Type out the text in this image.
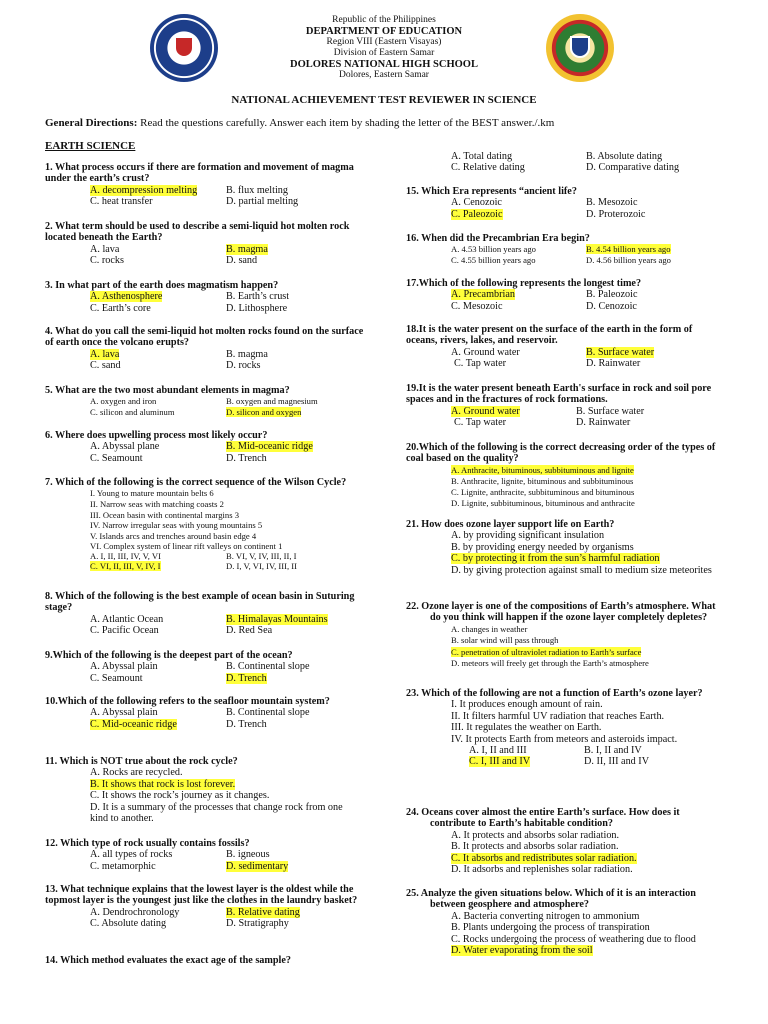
Republic of the Philippines
DEPARTMENT OF EDUCATION
Region VIII (Eastern Visayas)
Division of Eastern Samar
DOLORES NATIONAL HIGH SCHOOL
Dolores, Eastern Samar
NATIONAL ACHIEVEMENT TEST REVIEWER IN SCIENCE
General Directions: Read the questions carefully. Answer each item by shading the letter of the BEST answer./.km
EARTH SCIENCE
1. What process occurs if there are formation and movement of magma under the earth’s crust?
A. decompression melting	B. flux melting
C. heat transfer	D. partial melting
2. What term should be used to describe a semi-liquid hot molten rock located beneath the Earth?
A. lava	B. magma
C. rocks	D. sand
3. In what part of the earth does magmatism happen?
A. Asthenosphere	B. Earth’s crust
C. Earth’s core	D. Lithosphere
4. What do you call the semi-liquid hot molten rocks found on the surface of earth once the volcano erupts?
A. lava	B. magma
C. sand	D. rocks
5. What are the two most abundant elements in magma?
A. oxygen and iron	B. oxygen and magnesium
C. silicon and aluminum	D. silicon and oxygen
6. Where does upwelling process most likely occur?
A. Abyssal plane	B. Mid-oceanic ridge
C. Seamount	D. Trench
7. Which of the following is the correct sequence of the Wilson Cycle?
I. Young to mature mountain belts 6
II. Narrow seas with matching coasts 2
III. Ocean basin with continental margins 3
IV. Narrow irregular seas with young mountains 5
V. Islands arcs and trenches around basin edge 4
VI. Complex system of linear rift valleys on continent 1
A. I, II, III, IV, V, VI	B. VI, V, IV, III, II, I
C. VI, II, III, V, IV, I	D. I, V, VI, IV, III, II
8. Which of the following is the best example of ocean basin in Suturing stage?
A. Atlantic Ocean	B. Himalayas Mountains
C. Pacific Ocean	D. Red Sea
9.Which of the following is the deepest part of the ocean?
A. Abyssal plain	B. Continental slope
C. Seamount	D. Trench
10.Which of the following refers to the seafloor mountain system?
A. Abyssal plain	B. Continental slope
C. Mid-oceanic ridge	D. Trench
11. Which is NOT true about the rock cycle?
A. Rocks are recycled.
B. It shows that rock is lost forever.
C. It shows the rock’s journey as it changes.
D. It is a summary of the processes that change rock from one kind to another.
12. Which type of rock usually contains fossils?
A. all types of rocks	B. igneous
C. metamorphic	D. sedimentary
13. What technique explains that the lowest layer is the oldest while the topmost layer is the youngest just like the clothes in the laundry basket?
A. Dendrochronology	B. Relative dating
C. Absolute dating	D. Stratigraphy
14. Which method evaluates the exact age of the sample?
A. Total dating	B. Absolute dating
C. Relative dating	D. Comparative dating
15. Which Era represents “ancient life?
A. Cenozoic	B. Mesozoic
C. Paleozoic	D. Proterozoic
16. When did the Precambrian Era begin?
A. 4.53 billion years ago	B. 4.54 billion years ago
C. 4.55 billion years ago	D. 4.56 billion years ago
17.Which of the following represents the longest time?
A. Precambrian	B. Paleozoic
C. Mesozoic	D. Cenozoic
18.It is the water present on the surface of the earth in the form of oceans, rivers, lakes, and reservoir.
A. Ground water	B. Surface water
C. Tap water	D. Rainwater
19.It is the water present beneath Earth's surface in rock and soil pore spaces and in the fractures of rock formations.
A. Ground water	B. Surface water
C. Tap water	D. Rainwater
20.Which of the following is the correct decreasing order of the types of coal based on the quality?
A. Anthracite, bituminous, subbituminous and lignite
B. Anthracite, lignite, bituminous and subbituminous
C. Lignite, anthracite, subbituminous and bituminous
D. Lignite, subbituminous, bituminous and anthracite
21. How does ozone layer support life on Earth?
A. by providing significant insulation
B. by providing energy needed by organisms
C. by protecting it from the sun’s harmful radiation
D. by giving protection against small to medium size meteorites
22. Ozone layer is one of the compositions of Earth’s atmosphere. What do you think will happen if the ozone layer completely depletes?
A. changes in weather
B. solar wind will pass through
C. penetration of ultraviolet radiation to Earth’s surface
D. meteors will freely get through the Earth’s atmosphere
23. Which of the following are not a function of Earth’s ozone layer?
I. It produces enough amount of rain.
II. It filters harmful UV radiation that reaches Earth.
III. It regulates the weather on Earth.
IV. It protects Earth from meteors and asteroids impact.
A. I, II and III	B. I, II and IV
C. I, III and IV	D. II, III and IV
24. Oceans cover almost the entire Earth’s surface. How does it contribute to Earth’s habitable condition?
A. It protects and absorbs solar radiation.
B. It protects and absorbs solar radiation.
C. It absorbs and redistributes solar radiation.
D. It adsorbs and replenishes solar radiation.
25. Analyze the given situations below. Which of it is an interaction between geosphere and atmosphere?
A. Bacteria converting nitrogen to ammonium
B. Plants undergoing the process of transpiration
C. Rocks undergoing the process of weathering due to flood
D. Water evaporating from the soil
